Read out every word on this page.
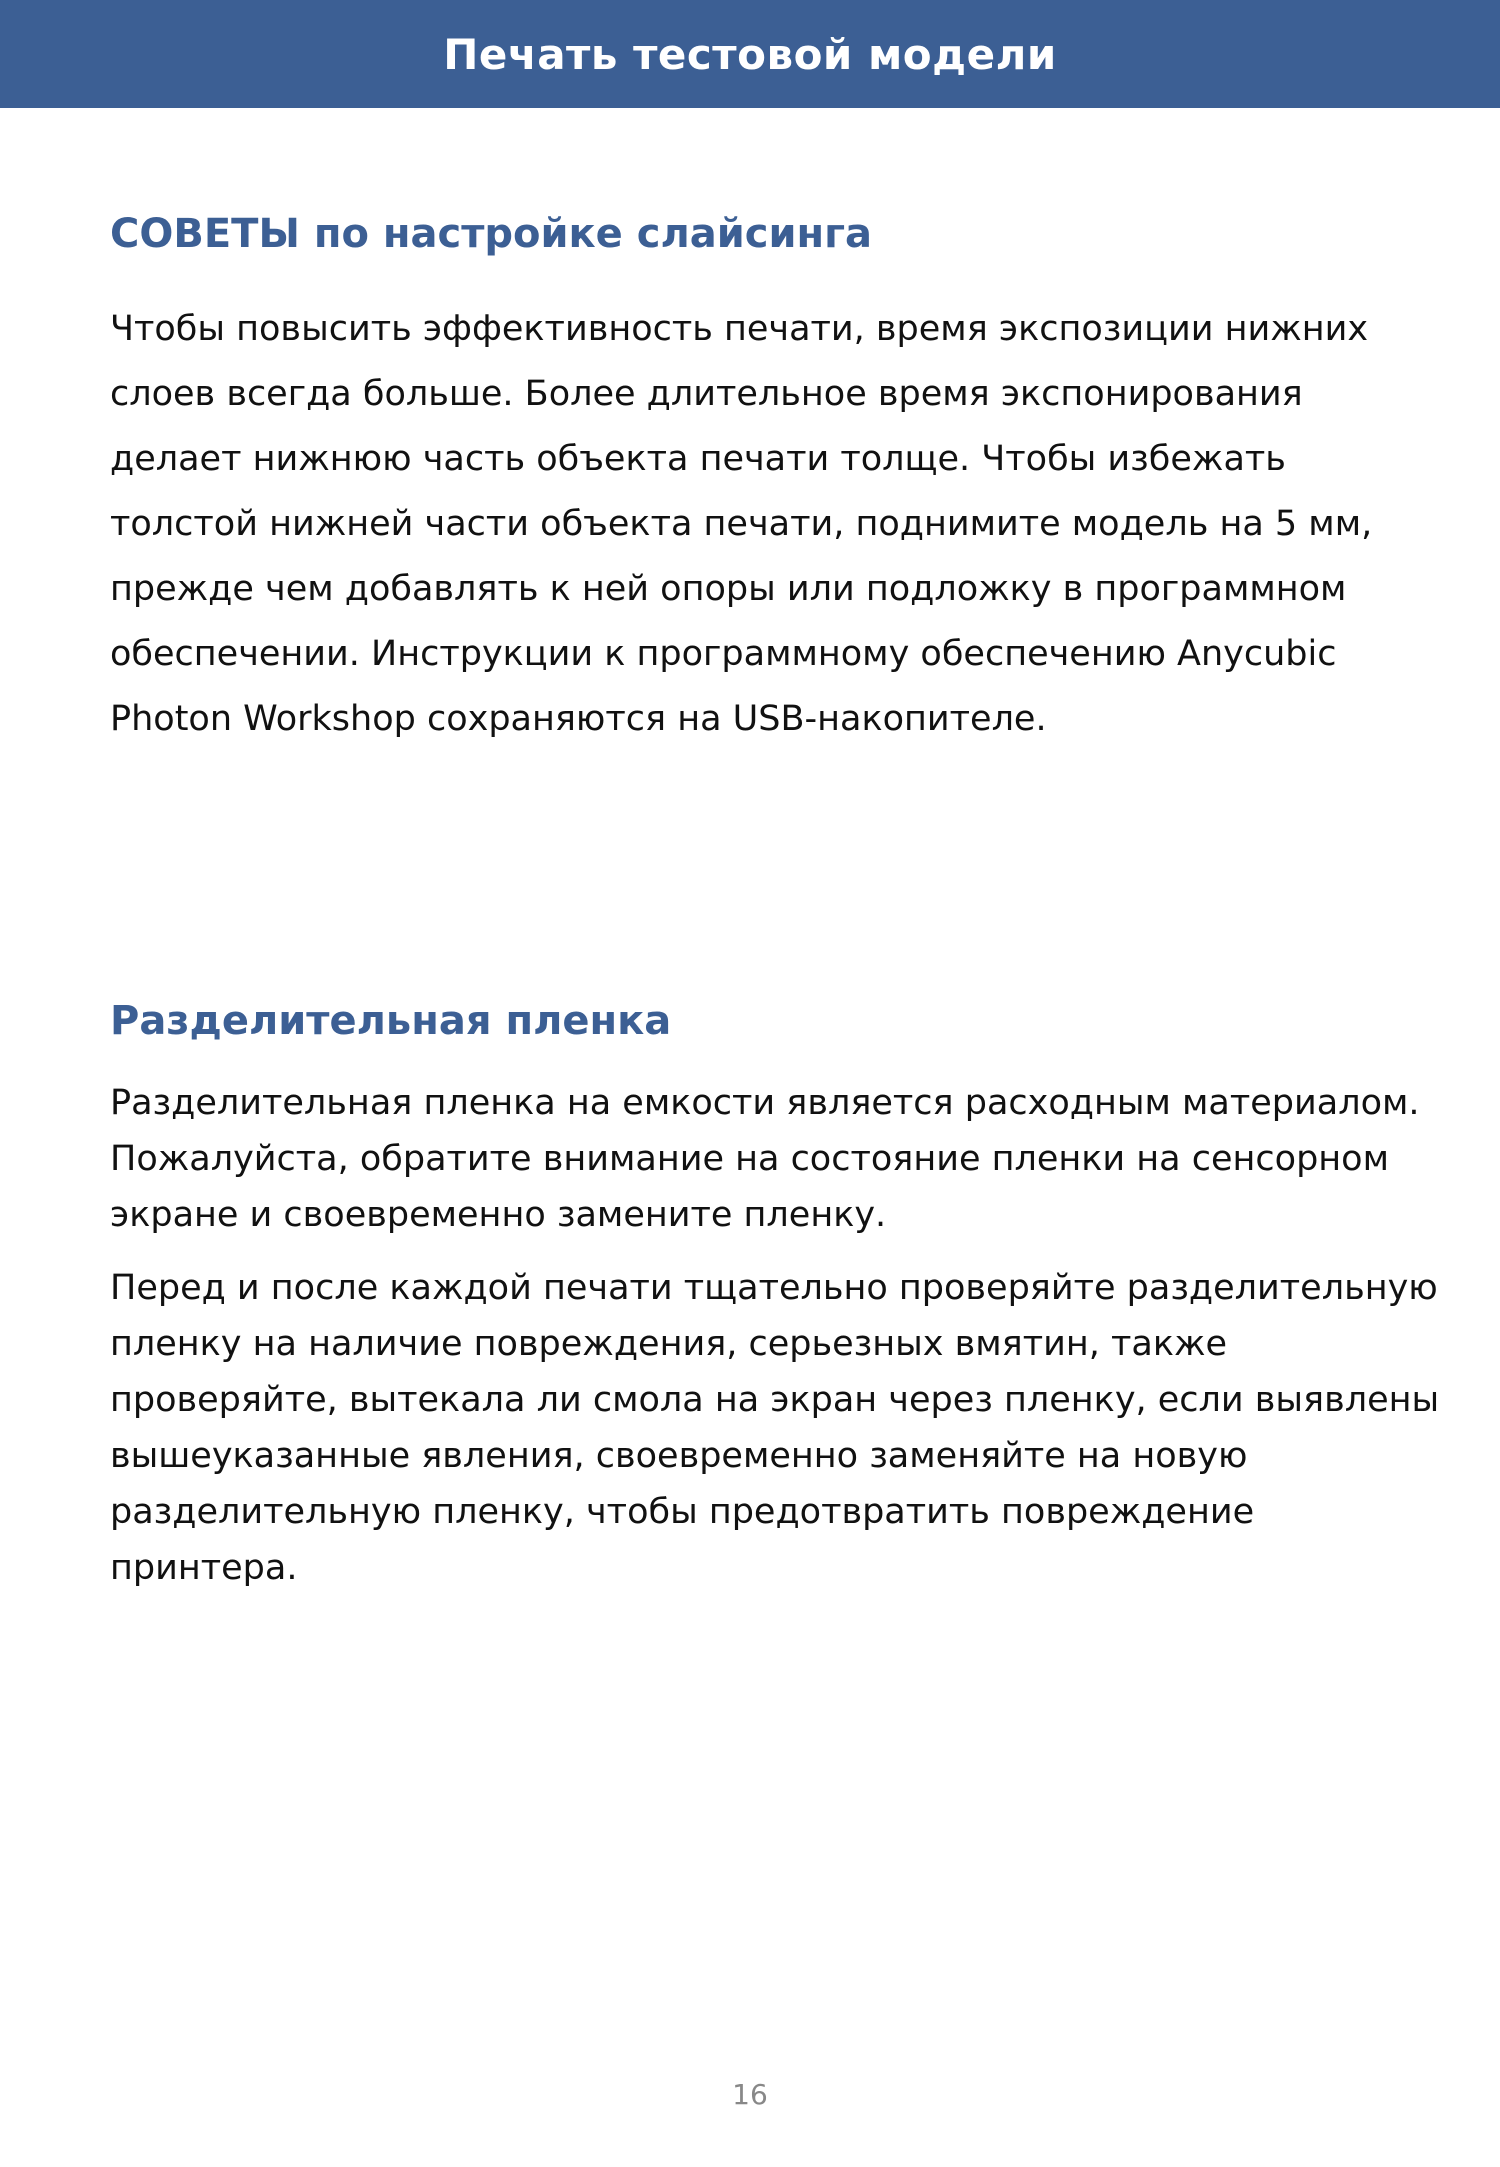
Печать тестовой модели
СОВЕТЫ по настройке слайсинга

Чтобы повысить эффективность печати, время экспозиции нижних слоев всегда больше. Более длительное время экспонирования делает нижнюю часть объекта печати толще. Чтобы избежать толстой нижней части объекта печати, поднимите модель на 5 мм, прежде чем добавлять к ней опоры или подложку в программном обеспечении. Инструкции к программному обеспечению Anycubic Photon Workshop сохраняются на USB-накопителе.

Разделительная пленка

Разделительная пленка на емкости является расходным материалом. Пожалуйста, обратите внимание на состояние пленки на сенсорном экране и своевременно замените пленку.

Перед и после каждой печати тщательно проверяйте разделительную пленку на наличие повреждения, серьезных вмятин, также проверяйте, вытекала ли смола на экран через пленку, если выявлены вышеуказанные явления, своевременно заменяйте на новую разделительную пленку, чтобы предотвратить повреждение принтера.

16
